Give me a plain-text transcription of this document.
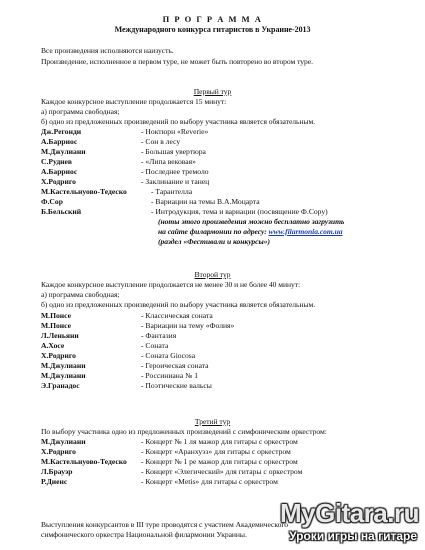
П Р О Г Р А М М А
Международного конкурса гитаристов в Украине-2013
Все произведения исполняются наизусть.
Произведение, исполненное в первом туре, не может быть повторено во втором туре.
Первый тур
Каждое конкурсное выступление продолжается 15 минут:
а) программа свободная;
б) одно из предложенных произведений по выбору участника является обязательным.
Дж.Регонди	- Ноктюрн «Reverie»
А.Барриос	- Сон в лесу
М.Джулиани	- Большая увертюра
С.Руднев	- «Липа вековая»
А.Барриос	- Последнее тремоло
Х.Родриго	- Заклинание и танец
М.Кастельнуово-Тедеско	- Тарантелла
Ф.Сор	- Вариации на темы В.А.Моцарта
Б.Бельский	- Интродукция, тема и вариации (посвящение Ф.Сору)
(ноты этого произведения можно бесплатно загрузить
на сайте филармонии по адресу: www.filarmonia.com.ua
(раздел «Фестивали и конкурсы»)
Второй тур
Каждое конкурсное выступление продолжается не менее 30 и не более 40 минут:
а) программа свободная;
б) одно из предложенных произведений по выбору участника является обязательным.
М.Понсе	- Классическая соната
М.Понсе	- Вариации на тему «Фолия»
Л.Леньяни	- Фантазия
А.Хосе	- Соната
Х.Родриго	- Соната Giocosa
М.Джулиани	- Героическая соната
М.Джулиани	- Россиниана № 1
Э.Гранадос	- Поэтические вальсы
Третий тур
По выбору участника одно из предложенных произведений с симфоническим оркестром:
М.Джулиани	- Концерт № 1 ля мажор для гитары с оркестром
Х.Родриго	- Концерт «Аранхуэз» для гитары с оркестром
М.Кастельнуово-Тедеско - Концерт № 1 ре мажор для гитары с оркестром
Л.Брауэр	- Концерт «Элегический» для гитары с оркестром
Р.Диенс	- Концерт «Metis» для гитары с оркестром
Выступления конкурсантов в III туре проводятся с участием Академического
симфонического оркестра Национальной филармонии Украины.
MyGitara.ru
Уроки игры на гитаре
